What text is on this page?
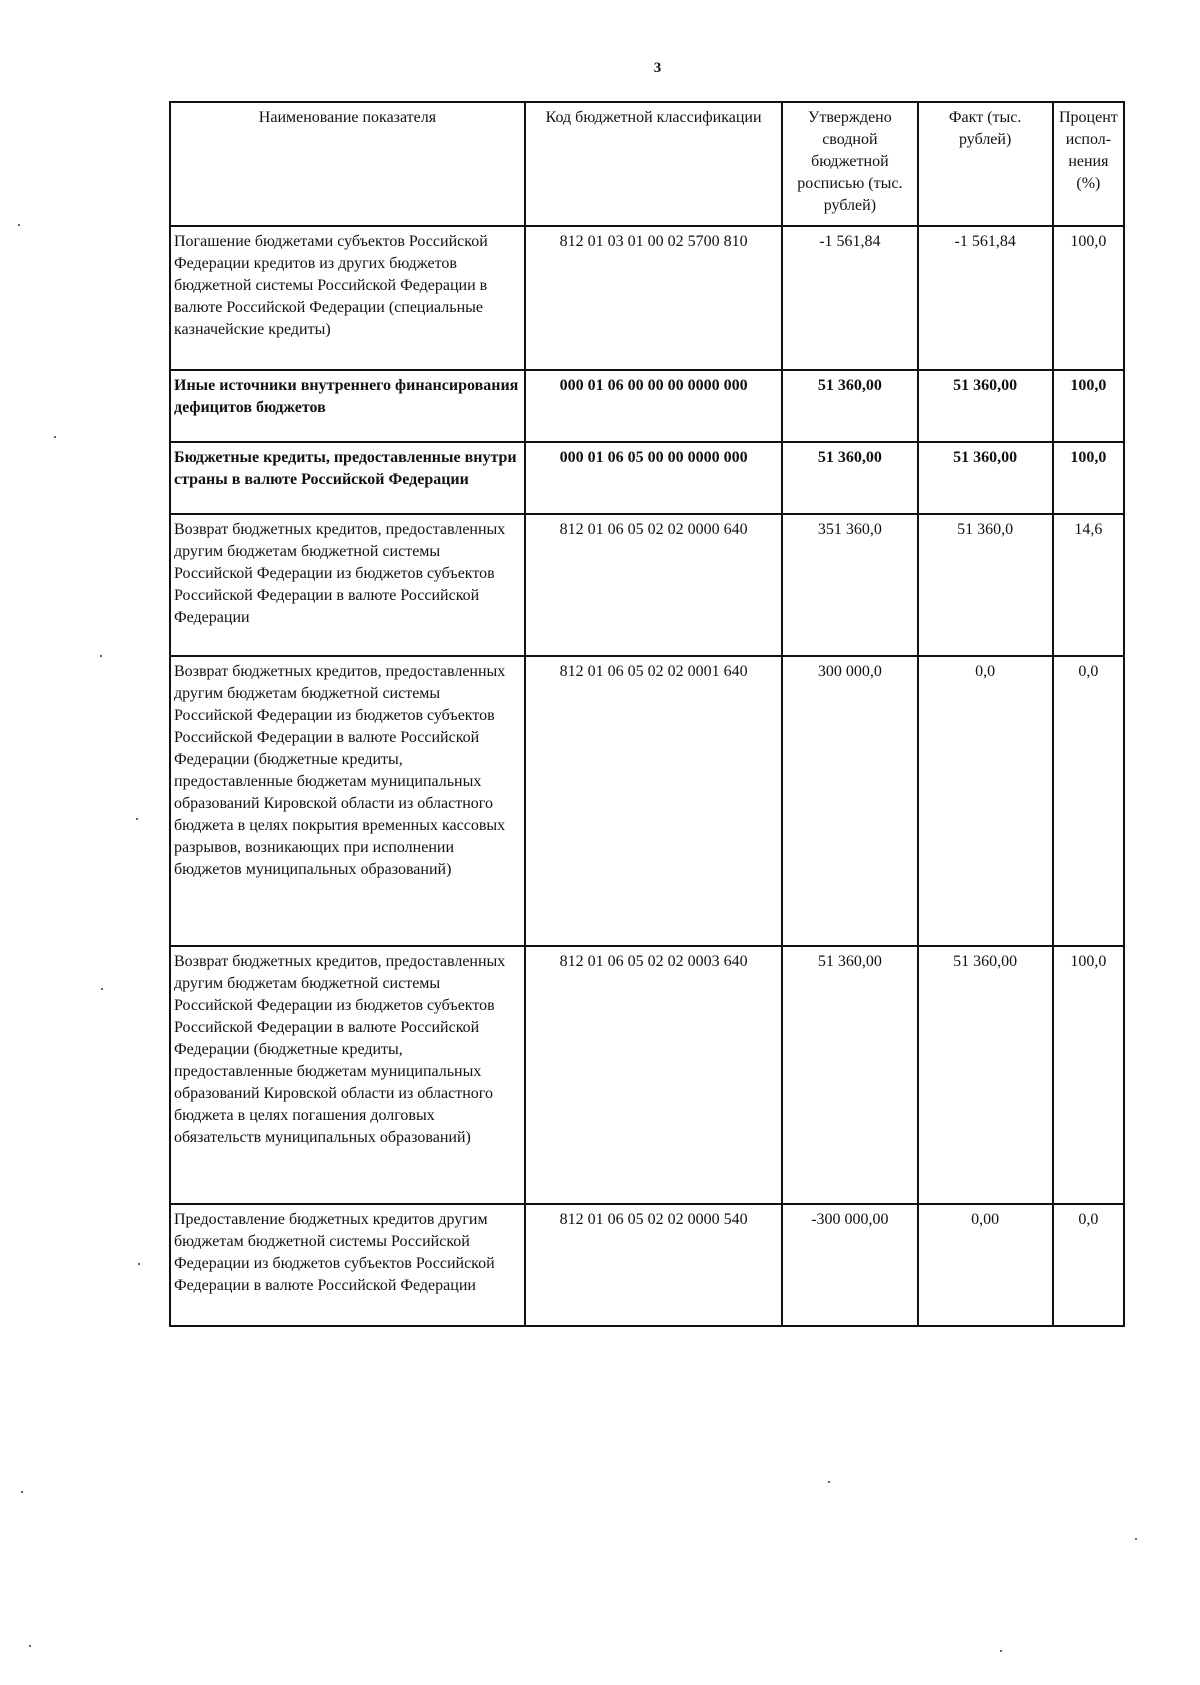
3
Наименование показателя	Код бюджетной классификации	Утверждено сводной бюджетной росписью (тыс. рублей)	Факт (тыс. рублей)	Процент испол-нения (%)
Погашение бюджетами субъектов Российской Федерации кредитов из других бюджетов бюджетной системы Российской Федерации в валюте Российской Федерации (специальные казначейские кредиты)	812 01 03 01 00 02 5700 810	-1 561,84	-1 561,84	100,0
Иные источники внутреннего финансирования дефицитов бюджетов	000 01 06 00 00 00 0000 000	51 360,00	51 360,00	100,0
Бюджетные кредиты, предоставленные внутри страны в валюте Российской Федерации	000 01 06 05 00 00 0000 000	51 360,00	51 360,00	100,0
Возврат бюджетных кредитов, предоставленных другим бюджетам бюджетной системы Российской Федерации из бюджетов субъектов Российской Федерации в валюте Российской Федерации	812 01 06 05 02 02 0000 640	351 360,0	51 360,0	14,6
Возврат бюджетных кредитов, предоставленных другим бюджетам бюджетной системы Российской Федерации из бюджетов субъектов Российской Федерации в валюте Российской Федерации (бюджетные кредиты, предоставленные бюджетам муниципальных образований Кировской области из областного бюджета в целях покрытия временных кассовых разрывов, возникающих при исполнении бюджетов муниципальных образований)	812 01 06 05 02 02 0001 640	300 000,0	0,0	0,0
Возврат бюджетных кредитов, предоставленных другим бюджетам бюджетной системы Российской Федерации из бюджетов субъектов Российской Федерации в валюте Российской Федерации (бюджетные кредиты, предоставленные бюджетам муниципальных образований Кировской области из областного бюджета в целях погашения долговых обязательств муниципальных образований)	812 01 06 05 02 02 0003 640	51 360,00	51 360,00	100,0
Предоставление бюджетных кредитов другим бюджетам бюджетной системы Российской Федерации из бюджетов субъектов Российской Федерации в валюте Российской Федерации	812 01 06 05 02 02 0000 540	-300 000,00	0,00	0,0
